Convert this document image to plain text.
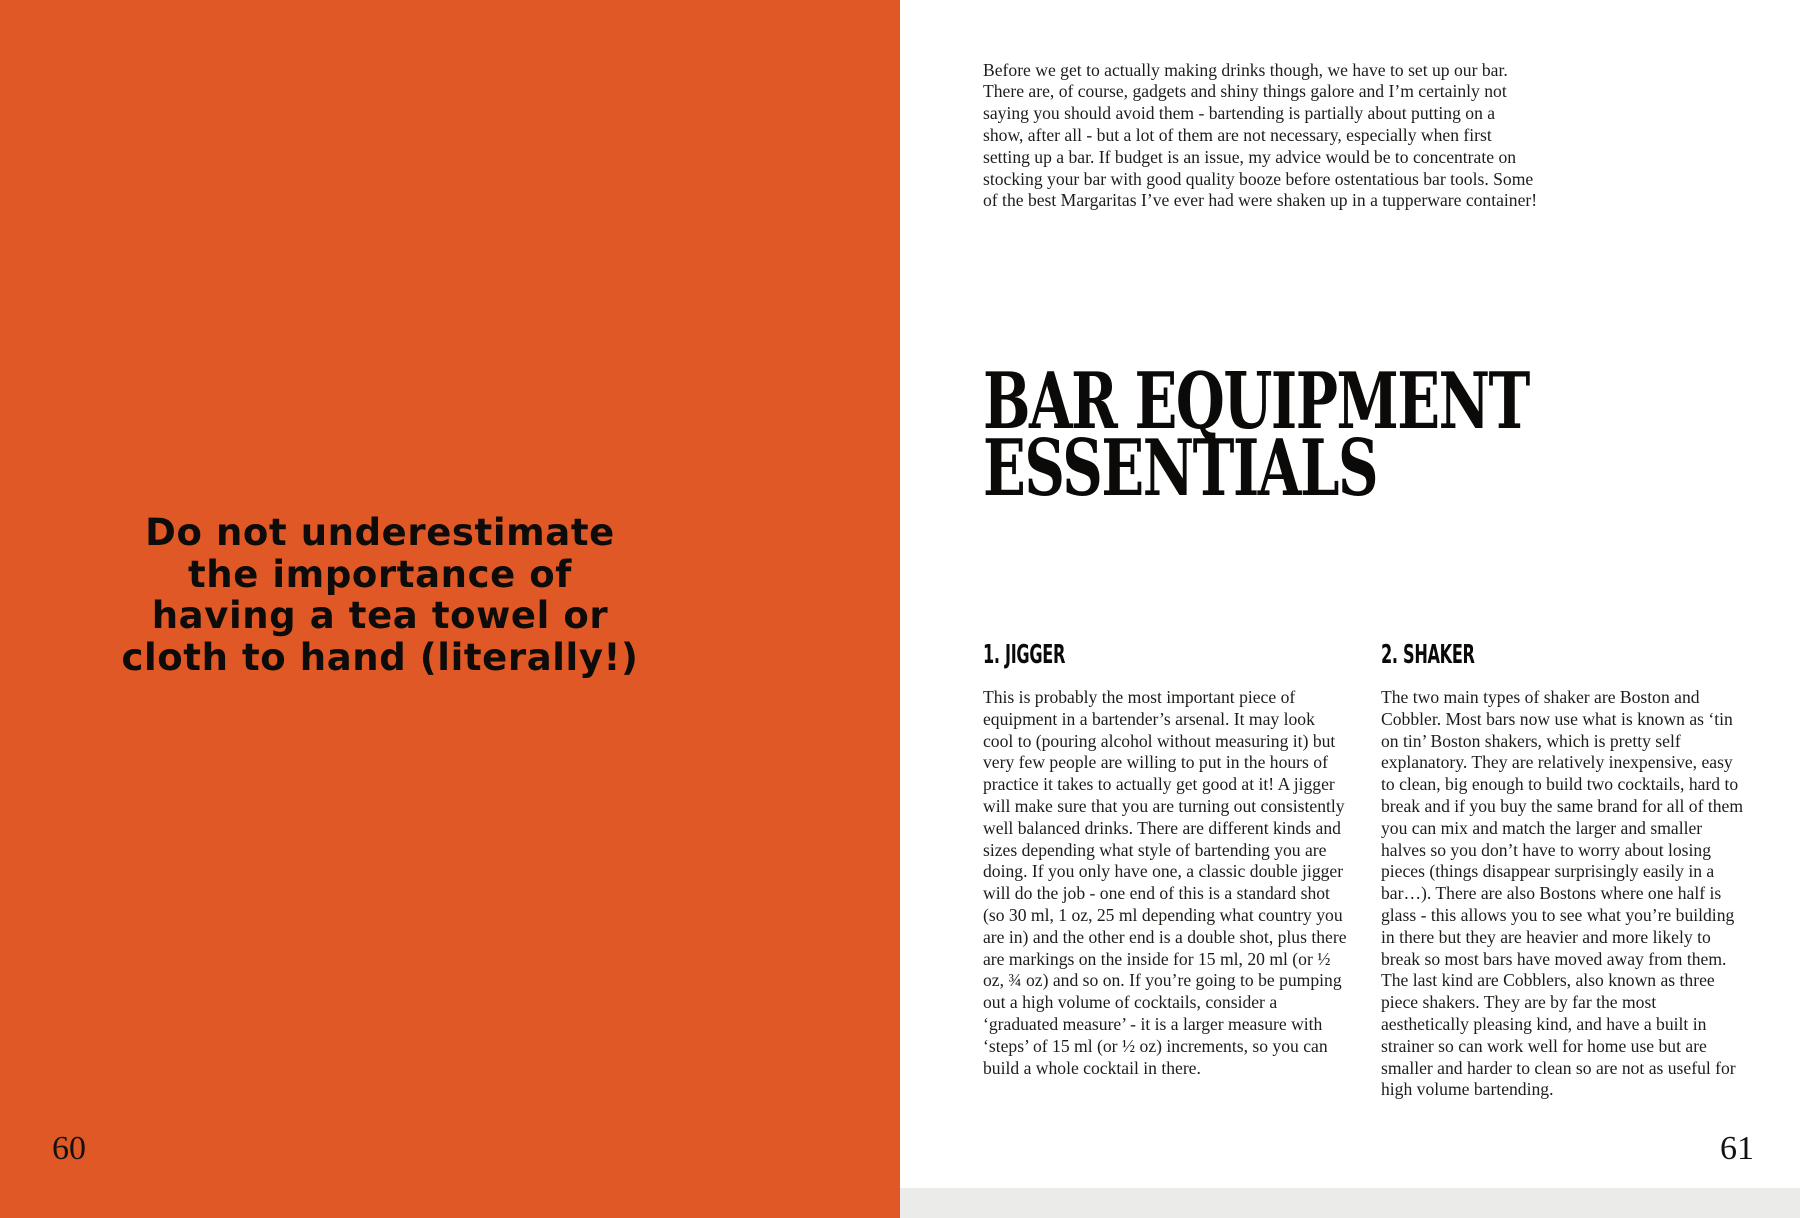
Do not underestimate
the importance of
having a tea towel or
cloth to hand (literally!)
60

Before we get to actually making drinks though, we have to set up our bar. There are, of course, gadgets and shiny things galore and I’m certainly not saying you should avoid them - bartending is partially about putting on a show, after all - but a lot of them are not necessary, especially when first setting up a bar. If budget is an issue, my advice would be to concentrate on stocking your bar with good quality booze before ostentatious bar tools. Some of the best Margaritas I’ve ever had were shaken up in a tupperware container!

BAR EQUIPMENT
ESSENTIALS
1. JIGGER
This is probably the most important piece of equipment in a bartender’s arsenal. It may look cool to (pouring alcohol without measuring it) but very few people are willing to put in the hours of practice it takes to actually get good at it! A jigger will make sure that you are turning out consistently well balanced drinks. There are different kinds and sizes depending what style of bartending you are doing. If you only have one, a classic double jigger will do the job - one end of this is a standard shot (so 30 ml, 1 oz, 25 ml depending what country you are in) and the other end is a double shot, plus there are markings on the inside for 15 ml, 20 ml (or ½ oz, ¾ oz) and so on. If you’re going to be pumping out a high volume of cocktails, consider a ‘graduated measure’ - it is a larger measure with ‘steps’ of 15 ml (or ½ oz) increments, so you can build a whole cocktail in there.
2. SHAKER
The two main types of shaker are Boston and Cobbler. Most bars now use what is known as ‘tin on tin’ Boston shakers, which is pretty self explanatory. They are relatively inexpensive, easy to clean, big enough to build two cocktails, hard to break and if you buy the same brand for all of them you can mix and match the larger and smaller halves so you don’t have to worry about losing pieces (things disappear surprisingly easily in a bar…). There are also Bostons where one half is glass - this allows you to see what you’re building in there but they are heavier and more likely to break so most bars have moved away from them. The last kind are Cobblers, also known as three piece shakers. They are by far the most aesthetically pleasing kind, and have a built in strainer so can work well for home use but are smaller and harder to clean so are not as useful for high volume bartending.
61
